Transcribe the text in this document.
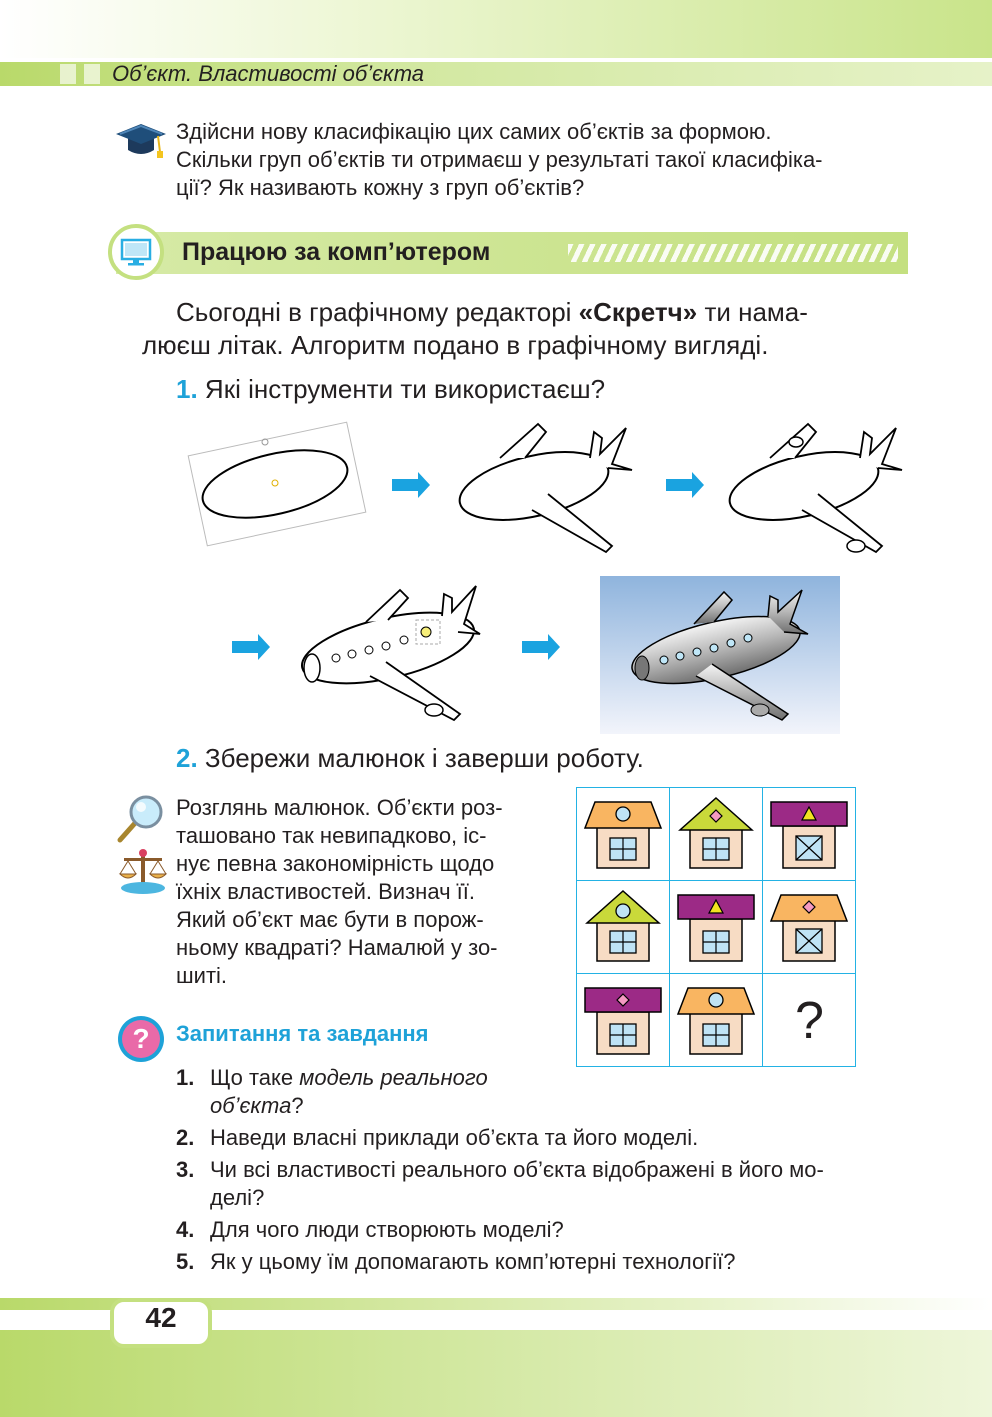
Об’єкт. Властивості об’єкта
Здійсни нову класифікацію цих самих об’єктів за формою.
Скільки груп об’єктів ти отримаєш у результаті такої класифіка-
ції? Як називають кожну з груп об’єктів?
Працюю за комп’ютером
Сьогодні в графічному редакторі «Скретч» ти нама-
люєш літак. Алгоритм подано в графічному вигляді.
1. Які інструменти ти використаєш?
2. Збережи малюнок і заверши роботу.
Розглянь малюнок. Об’єкти роз-
ташовано так невипадково, іс-
нує певна закономірність щодо
їхніх властивостей. Визнач її.
Який об’єкт має бути в порож-
ньому квадраті? Намалюй у зо-
шиті.
?
? Запитання та завдання
1. Що таке модель реального
об’єкта?
2. Наведи власні приклади об’єкта та його моделі.
3. Чи всі властивості реального об’єкта відображені в його мо-
делі?
4. Для чого люди створюють моделі?
5. Як у цьому їм допомагають комп’ютерні технології?
42
